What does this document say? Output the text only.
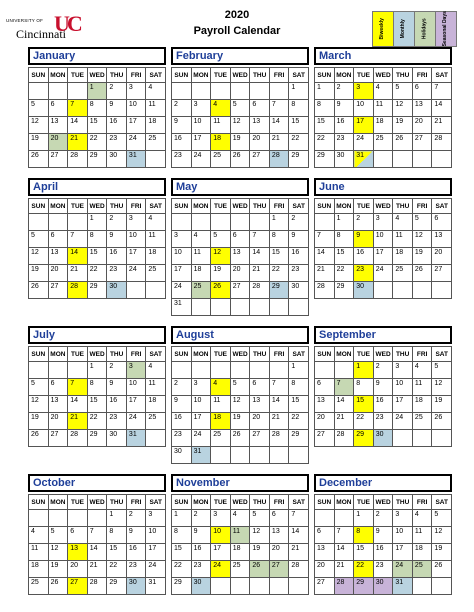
UC
UNIVERSITY OF
Cincinnati
2020
Payroll Calendar	Biweekly	Monthly	Holidays	Seasonal Days
January
SUN	MON	TUE	WED	THU	FRI	SAT
			1	2	3	4
5	6	7	8	9	10	11
12	13	14	15	16	17	18
19	20	21	22	23	24	25
26	27	28	29	30	31	
February
SUN	MON	TUE	WED	THU	FRI	SAT
						1
2	3	4	5	6	7	8
9	10	11	12	13	14	15
16	17	18	19	20	21	22
23	24	25	26	27	28	29
March
SUN	MON	TUE	WED	THU	FRI	SAT
1	2	3	4	5	6	7
8	9	10	11	12	13	14
15	16	17	18	19	20	21
22	23	24	25	26	27	28
29	30	31				
April
SUN	MON	TUE	WED	THU	FRI	SAT
			1	2	3	4
5	6	7	8	9	10	11
12	13	14	15	16	17	18
19	20	21	22	23	24	25
26	27	28	29	30		
May
SUN	MON	TUE	WED	THU	FRI	SAT
					1	2
3	4	5	6	7	8	9
10	11	12	13	14	15	16
17	18	19	20	21	22	23
24	25	26	27	28	29	30
31						
June
SUN	MON	TUE	WED	THU	FRI	SAT
	1	2	3	4	5	6
7	8	9	10	11	12	13
14	15	16	17	18	19	20
21	22	23	24	25	26	27
28	29	30				
July
SUN	MON	TUE	WED	THU	FRI	SAT
			1	2	3	4
5	6	7	8	9	10	11
12	13	14	15	16	17	18
19	20	21	22	23	24	25
26	27	28	29	30	31	
August
SUN	MON	TUE	WED	THU	FRI	SAT
						1
2	3	4	5	6	7	8
9	10	11	12	13	14	15
16	17	18	19	20	21	22
23	24	25	26	27	28	29
30	31					
September
SUN	MON	TUE	WED	THU	FRI	SAT
		1	2	3	4	5
6	7	8	9	10	11	12
13	14	15	16	17	18	19
20	21	22	23	24	25	26
27	28	29	30			
October
SUN	MON	TUE	WED	THU	FRI	SAT
				1	2	3
4	5	6	7	8	9	10
11	12	13	14	15	16	17
18	19	20	21	22	23	24
25	26	27	28	29	30	31
November
SUN	MON	TUE	WED	THU	FRI	SAT
1	2	3	4	5	6	7
8	9	10	11	12	13	14
15	16	17	18	19	20	21
22	23	24	25	26	27	28
29	30					
December
SUN	MON	TUE	WED	THU	FRI	SAT
		1	2	3	4	5
6	7	8	9	10	11	12
13	14	15	16	17	18	19
20	21	22	23	24	25	26
27	28	29	30	31		
